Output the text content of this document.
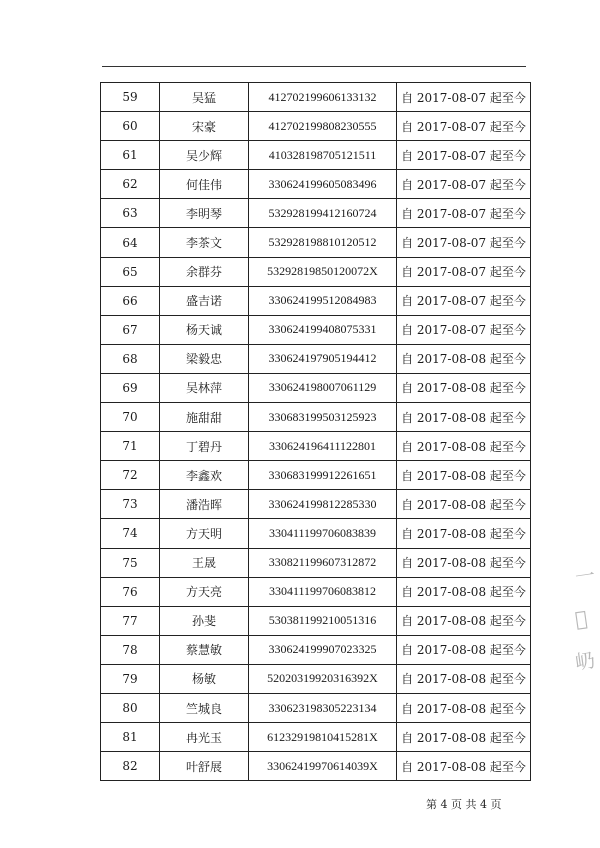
59	吴猛	412702199606133132	自 2017-08-07 起至今
60	宋豪	412702199808230555	自 2017-08-07 起至今
61	吴少辉	410328198705121511	自 2017-08-07 起至今
62	何佳伟	330624199605083496	自 2017-08-07 起至今
63	李明琴	532928199412160724	自 2017-08-07 起至今
64	李茶文	532928198810120512	自 2017-08-07 起至今
65	余群芬	53292819850120072X	自 2017-08-07 起至今
66	盛吉诺	330624199512084983	自 2017-08-07 起至今
67	杨天诚	330624199408075331	自 2017-08-07 起至今
68	梁毅忠	330624197905194412	自 2017-08-08 起至今
69	吴林萍	330624198007061129	自 2017-08-08 起至今
70	施甜甜	330683199503125923	自 2017-08-08 起至今
71	丁碧丹	330624196411122801	自 2017-08-08 起至今
72	李鑫欢	330683199912261651	自 2017-08-08 起至今
73	潘浩晖	330624199812285330	自 2017-08-08 起至今
74	方天明	330411199706083839	自 2017-08-08 起至今
75	王晟	330821199607312872	自 2017-08-08 起至今
76	方天亮	330411199706083812	自 2017-08-08 起至今
77	孙斐	530381199210051316	自 2017-08-08 起至今
78	蔡慧敏	330624199907023325	自 2017-08-08 起至今
79	杨敏	52020319920316392X	自 2017-08-08 起至今
80	竺城良	330623198305223134	自 2017-08-08 起至今
81	冉光玉	61232919810415281X	自 2017-08-08 起至今
82	叶舒展	33062419970614039X	自 2017-08-08 起至今
第 4 页 共 4 页
一
𫝀
屷
